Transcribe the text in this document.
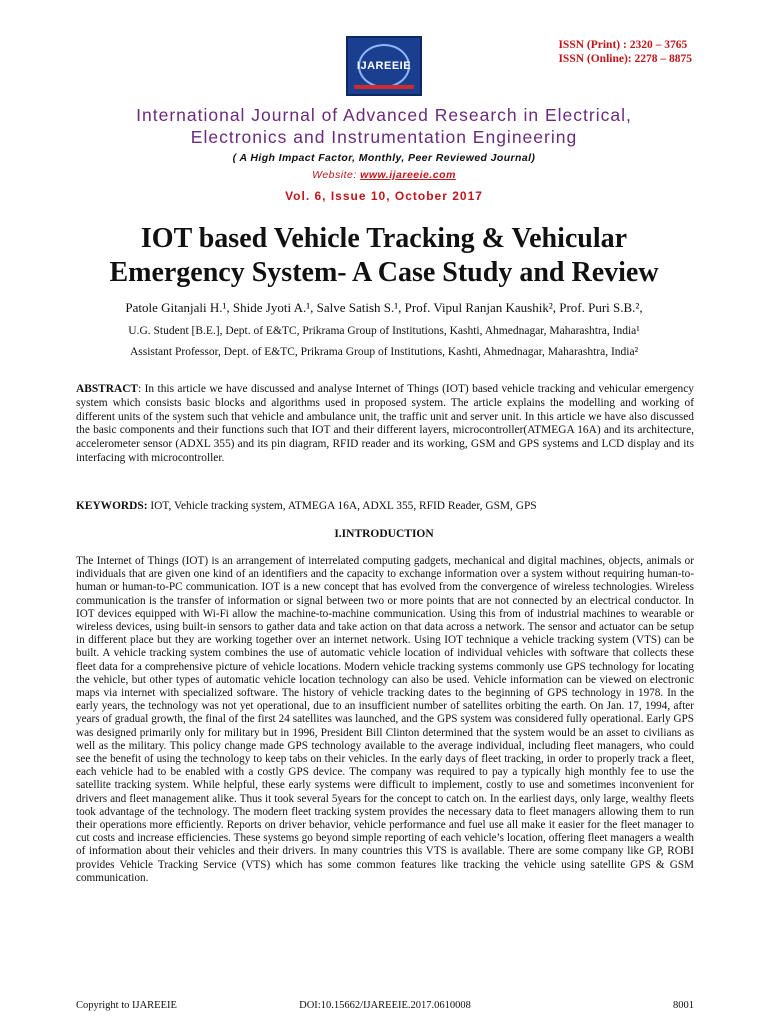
IJAREEIE
ISSN (Print) : 2320 – 3765
ISSN (Online): 2278 – 8875
International Journal of Advanced Research in Electrical,
Electronics and Instrumentation Engineering
( A High Impact Factor, Monthly, Peer Reviewed Journal)
Website: www.ijareeie.com
Vol. 6, Issue 10, October 2017
IOT based Vehicle Tracking & Vehicular
Emergency System- A Case Study and Review
Patole Gitanjali H.¹, Shide Jyoti A.¹, Salve Satish S.¹, Prof. Vipul Ranjan Kaushik², Prof. Puri S.B.²,
U.G. Student [B.E.], Dept. of E&TC, Prikrama Group of Institutions, Kashti, Ahmednagar, Maharashtra, India¹
Assistant Professor, Dept. of E&TC, Prikrama Group of Institutions, Kashti, Ahmednagar, Maharashtra, India²
ABSTRACT: In this article we have discussed and analyse Internet of Things (IOT) based vehicle tracking and vehicular emergency system which consists basic blocks and algorithms used in proposed system. The article explains the modelling and working of different units of the system such that vehicle and ambulance unit, the traffic unit and server unit. In this article we have also discussed the basic components and their functions such that IOT and their different layers, microcontroller(ATMEGA 16A) and its architecture, accelerometer sensor (ADXL 355) and its pin diagram, RFID reader and its working, GSM and GPS systems and LCD display and its interfacing with microcontroller.
KEYWORDS: IOT, Vehicle tracking system, ATMEGA 16A, ADXL 355, RFID Reader, GSM, GPS
I.INTRODUCTION
The Internet of Things (IOT) is an arrangement of interrelated computing gadgets, mechanical and digital machines, objects, animals or individuals that are given one kind of an identifiers and the capacity to exchange information over a system without requiring human-to-human or human-to-PC communication. IOT is a new concept that has evolved from the convergence of wireless technologies. Wireless communication is the transfer of information or signal between two or more points that are not connected by an electrical conductor. In IOT devices equipped with Wi-Fi allow the machine-to-machine communication. Using this from of industrial machines to wearable or wireless devices, using built-in sensors to gather data and take action on that data across a network. The sensor and actuator can be setup in different place but they are working together over an internet network. Using IOT technique a vehicle tracking system (VTS) can be built. A vehicle tracking system combines the use of automatic vehicle location of individual vehicles with software that collects these fleet data for a comprehensive picture of vehicle locations. Modern vehicle tracking systems commonly use GPS technology for locating the vehicle, but other types of automatic vehicle location technology can also be used. Vehicle information can be viewed on electronic maps via internet with specialized software. The history of vehicle tracking dates to the beginning of GPS technology in 1978. In the early years, the technology was not yet operational, due to an insufficient number of satellites orbiting the earth. On Jan. 17, 1994, after years of gradual growth, the final of the first 24 satellites was launched, and the GPS system was considered fully operational. Early GPS was designed primarily only for military but in 1996, President Bill Clinton determined that the system would be an asset to civilians as well as the military. This policy change made GPS technology available to the average individual, including fleet managers, who could see the benefit of using the technology to keep tabs on their vehicles. In the early days of fleet tracking, in order to properly track a fleet, each vehicle had to be enabled with a costly GPS device. The company was required to pay a typically high monthly fee to use the satellite tracking system. While helpful, these early systems were difficult to implement, costly to use and sometimes inconvenient for drivers and fleet management alike. Thus it took several 5years for the concept to catch on. In the earliest days, only large, wealthy fleets took advantage of the technology. The modern fleet tracking system provides the necessary data to fleet managers allowing them to run their operations more efficiently. Reports on driver behavior, vehicle performance and fuel use all make it easier for the fleet manager to cut costs and increase efficiencies. These systems go beyond simple reporting of each vehicle’s location, offering fleet managers a wealth of information about their vehicles and their drivers. In many countries this VTS is available. There are some company like GP, ROBI provides Vehicle Tracking Service (VTS) which has some common features like tracking the vehicle using satellite GPS & GSM communication.
Copyright to IJAREEIE	DOI:10.15662/IJAREEIE.2017.0610008	8001
